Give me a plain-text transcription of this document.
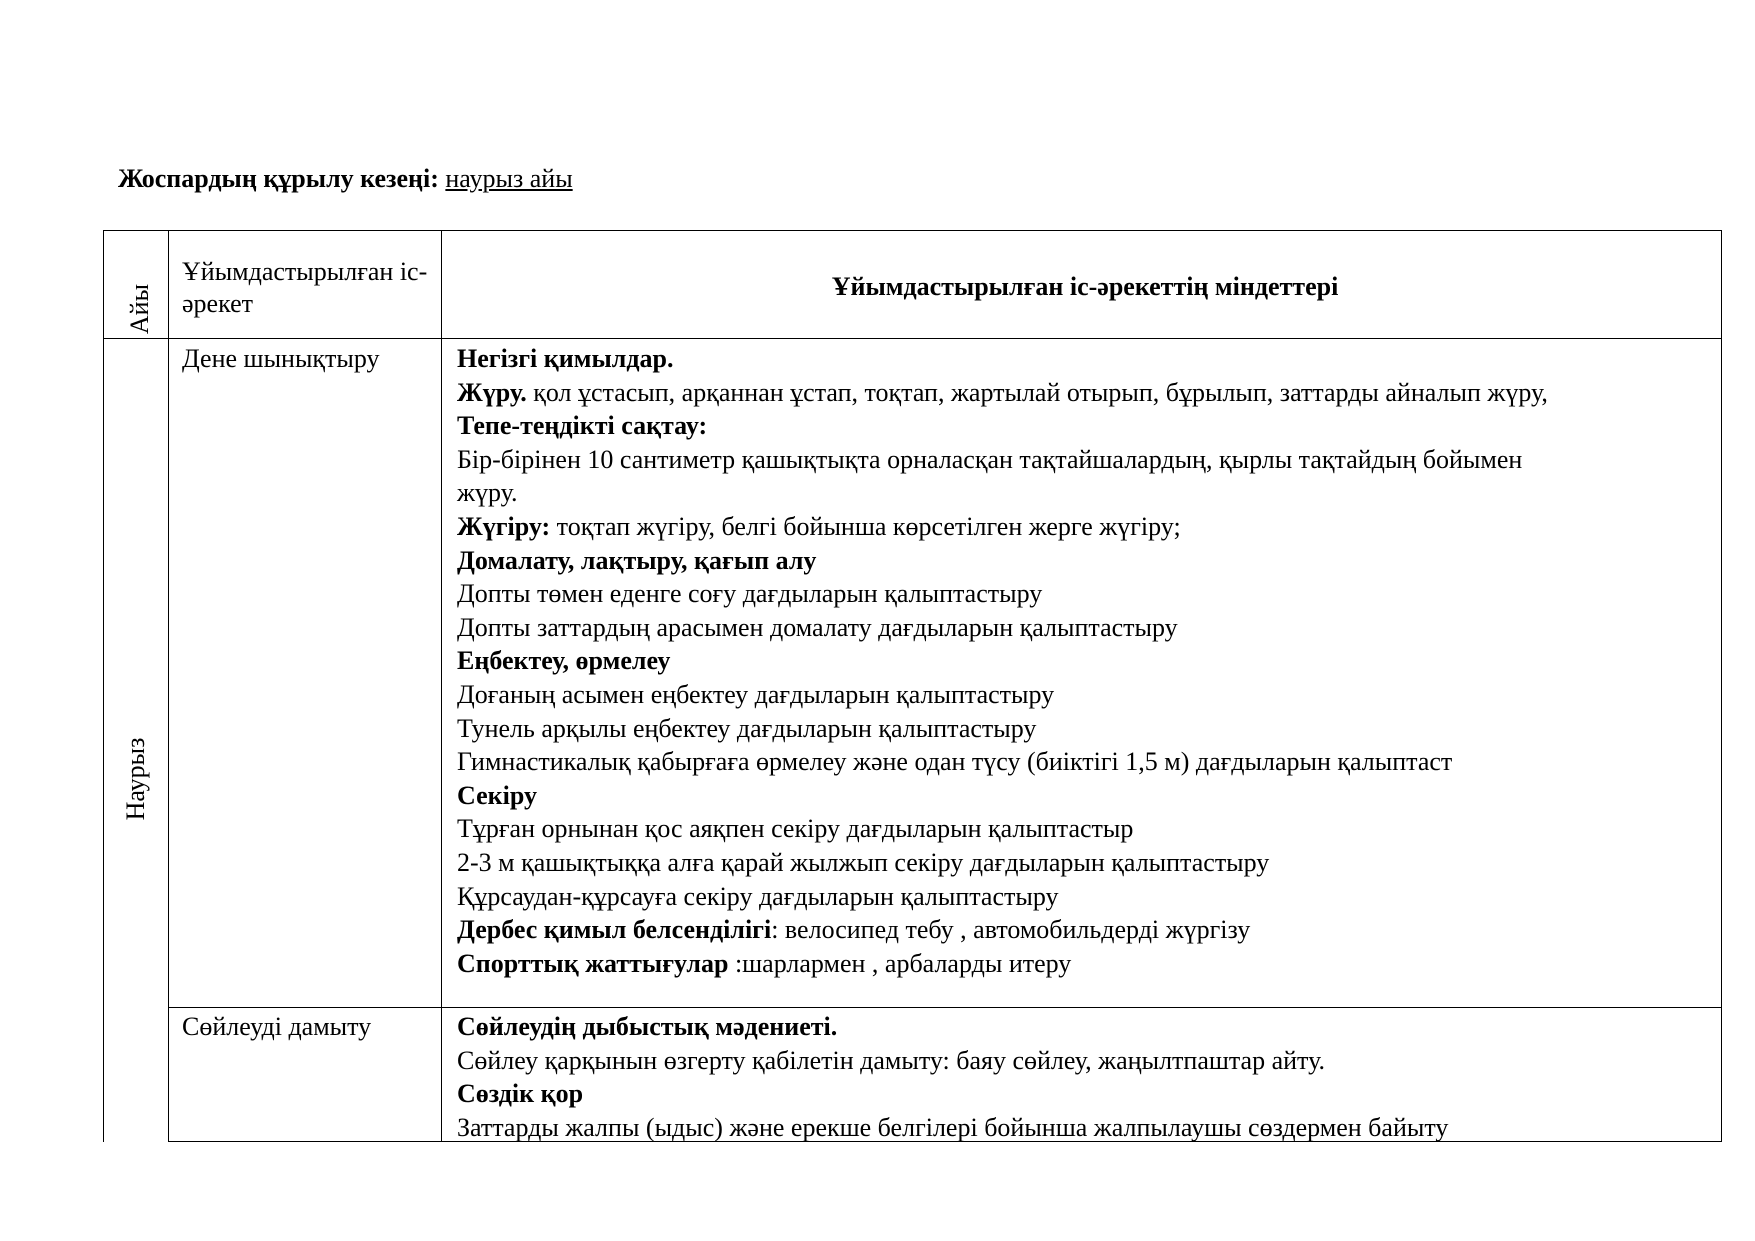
Жоспардың құрылу кезеңі: наурыз айы
Айы
Ұйымдастырылған іс-әрекет
Ұйымдастырылған іс-әрекеттің міндеттері
Наурыз
Дене шынықтыру	Негізгі қимылдар.
Жүру. қол ұстасып, арқаннан ұстап, тоқтап, жартылай отырып, бұрылып, заттарды айналып жүру,
Тепе-теңдікті сақтау:
Бір-бірінен 10 сантиметр қашықтықта орналасқан тақтайшалардың, қырлы тақтайдың бойымен
жүру.
Жүгіру: тоқтап жүгіру, белгі бойынша көрсетілген жерге жүгіру;
Домалату, лақтыру, қағып алу
Допты төмен еденге соғу дағдыларын қалыптастыру
Допты заттардың арасымен домалату дағдыларын қалыптастыру
Еңбектеу, өрмелеу
Доғаның асымен еңбектеу дағдыларын қалыптастыру
Тунель арқылы еңбектеу дағдыларын қалыптастыру
Гимнастикалық қабырғаға өрмелеу және одан түсу (биіктігі 1,5 м) дағдыларын қалыптаст
Секіру
Тұрған орнынан қос аяқпен секіру дағдыларын қалыптастыр
2-3 м қашықтыққа алға қарай жылжып секіру дағдыларын қалыптастыру
Құрсаудан-құрсауға секіру дағдыларын қалыптастыру
Дербес қимыл белсенділігі: велосипед тебу , автомобильдерді жүргізу
Спорттық жаттығулар :шарлармен , арбаларды итеру
Сөйлеуді дамыту	Сөйлеудің дыбыстық мәдениеті.
Сөйлеу қарқынын өзгерту қабілетін дамыту: баяу сөйлеу, жаңылтпаштар айту.
Сөздік қор
Заттарды жалпы (ыдыс) және ерекше белгілері бойынша жалпылаушы сөздермен байыту
